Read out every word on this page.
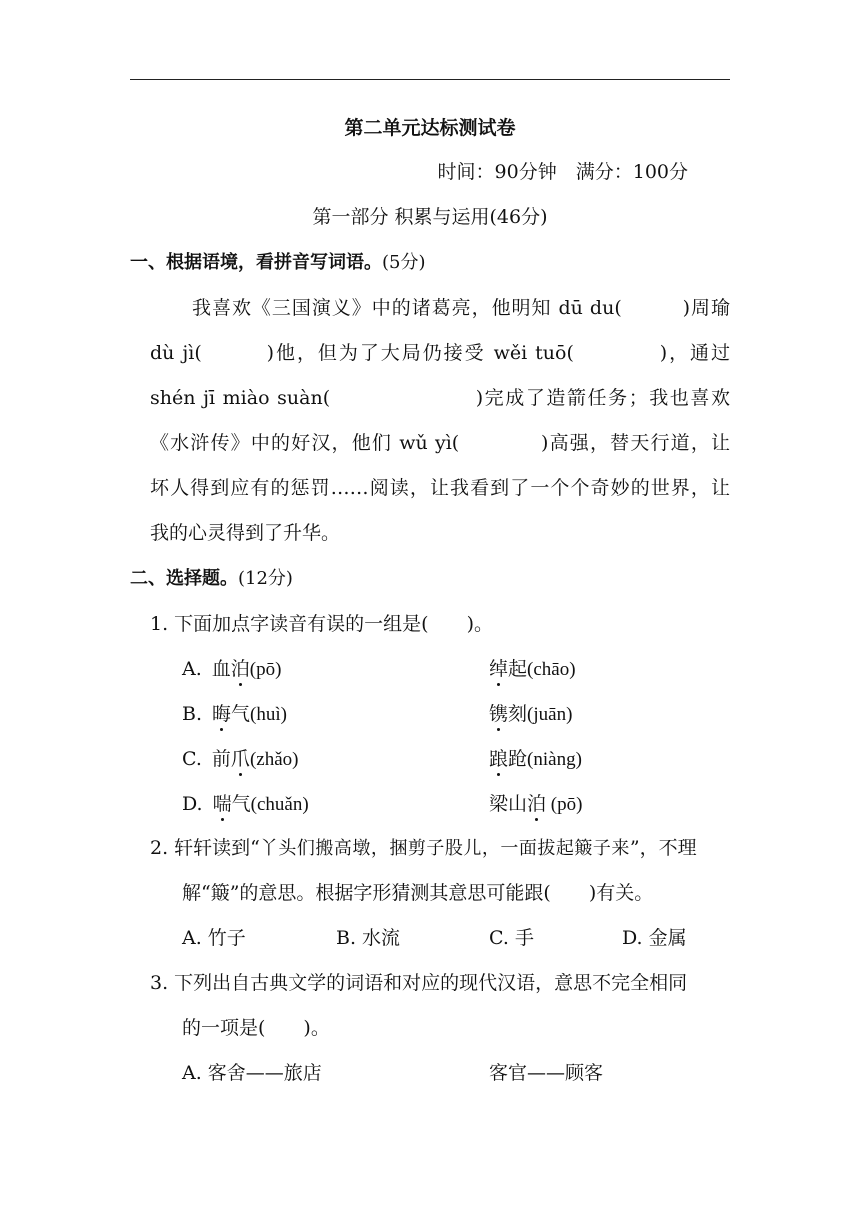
第二单元达标测试卷
时间：90分钟　满分：100分
第一部分 积累与运用(46分)
一、根据语境，看拼音写词语。(5分)
我喜欢《三国演义》中的诸葛亮，他明知 dū du(　　　)周瑜
dù jì(　　　)他，但为了大局仍接受 wěi tuō(　　　　)，通过
shén jī miào suàn(　　　　　　　)完成了造箭任务；我也喜欢
《水浒传》中的好汉，他们 wǔ yì(　　　　)高强，替天行道，让
坏人得到应有的惩罚……阅读，让我看到了一个个奇妙的世界，让
我的心灵得到了升华。
二、选择题。(12分)
1. 下面加点字读音有误的一组是(　　)。
A. 血泊(pō)	绰起(chāo)
B. 晦气(huì)	镌刻(juān)
C. 前爪(zhǎo)	踉跄(niàng)
D. 喘气(chuǎn)	梁山泊 (pō)
2. 轩轩读到“丫头们搬高墩，捆剪子股儿，一面拔起簸子来”，不理
解“簸”的意思。根据字形猜测其意思可能跟(　　)有关。
A. 竹子	B. 水流	C. 手	D. 金属
3. 下列出自古典文学的词语和对应的现代汉语，意思不完全相同
的一项是(　　)。
A. 客舍——旅店	客官——顾客
